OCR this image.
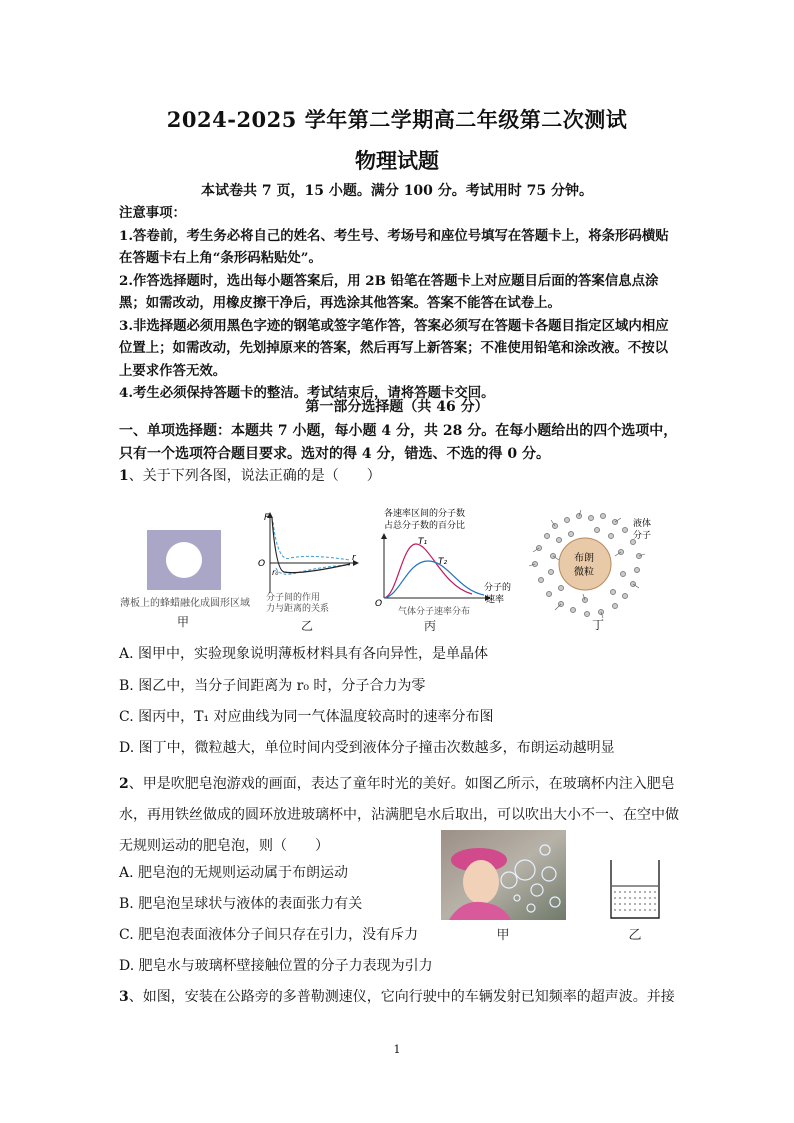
2024-2025 学年第二学期高二年级第二次测试
物理试题
本试卷共 7 页，15 小题。满分 100 分。考试用时 75 分钟。

注意事项：

1.答卷前，考生务必将自己的姓名、考生号、考场号和座位号填写在答题卡上，将条形码横贴在答题卡右上角“条形码粘贴处”。

2.作答选择题时，选出每小题答案后，用 2B 铅笔在答题卡上对应题目后面的答案信息点涂黑；如需改动，用橡皮擦干净后，再选涂其他答案。答案不能答在试卷上。

3.非选择题必须用黑色字迹的钢笔或签字笔作答，答案必须写在答题卡各题目指定区域内相应位置上；如需改动，先划掉原来的答案，然后再写上新答案；不准使用铅笔和涂改液。不按以上要求作答无效。

4.考生必须保持答题卡的整洁。考试结束后，请将答题卡交回。

第一部分选择题（共 46 分）
一、单项选择题：本题共 7 小题，每小题 4 分，共 28 分。在每小题给出的四个选项中，只有一个选项符合题目要求。选对的得 4 分，错选、不选的得 0 分。
1、关于下列各图，说法正确的是（　　）
薄板上的蜂蜡融化成圆形区域
甲
F
r
O
r₀
分子间的作用
力与距离的关系
乙
各速率区间的分子数
占总分子数的百分比
T₁
T₂
O
分子的
速率
气体分子速率分布
丙
布朗
微粒
液体
分子
丁
A. 图甲中，实验现象说明薄板材料具有各向异性，是单晶体
B. 图乙中，当分子间距离为 r₀ 时，分子合力为零
C. 图丙中，T₁ 对应曲线为同一气体温度较高时的速率分布图
D. 图丁中，微粒越大，单位时间内受到液体分子撞击次数越多，布朗运动越明显
2、甲是吹肥皂泡游戏的画面，表达了童年时光的美好。如图乙所示，在玻璃杯内注入肥皂
水，再用铁丝做成的圆环放进玻璃杯中，沾满肥皂水后取出，可以吹出大小不一、在空中做
无规则运动的肥皂泡，则（　　）
A. 肥皂泡的无规则运动属于布朗运动
B. 肥皂泡呈球状与液体的表面张力有关
C. 肥皂泡表面液体分子间只存在引力，没有斥力
D. 肥皂水与玻璃杯壁接触位置的分子力表现为引力
甲	乙
3、如图，安装在公路旁的多普勒测速仪，它向行驶中的车辆发射已知频率的超声波。并接
1
